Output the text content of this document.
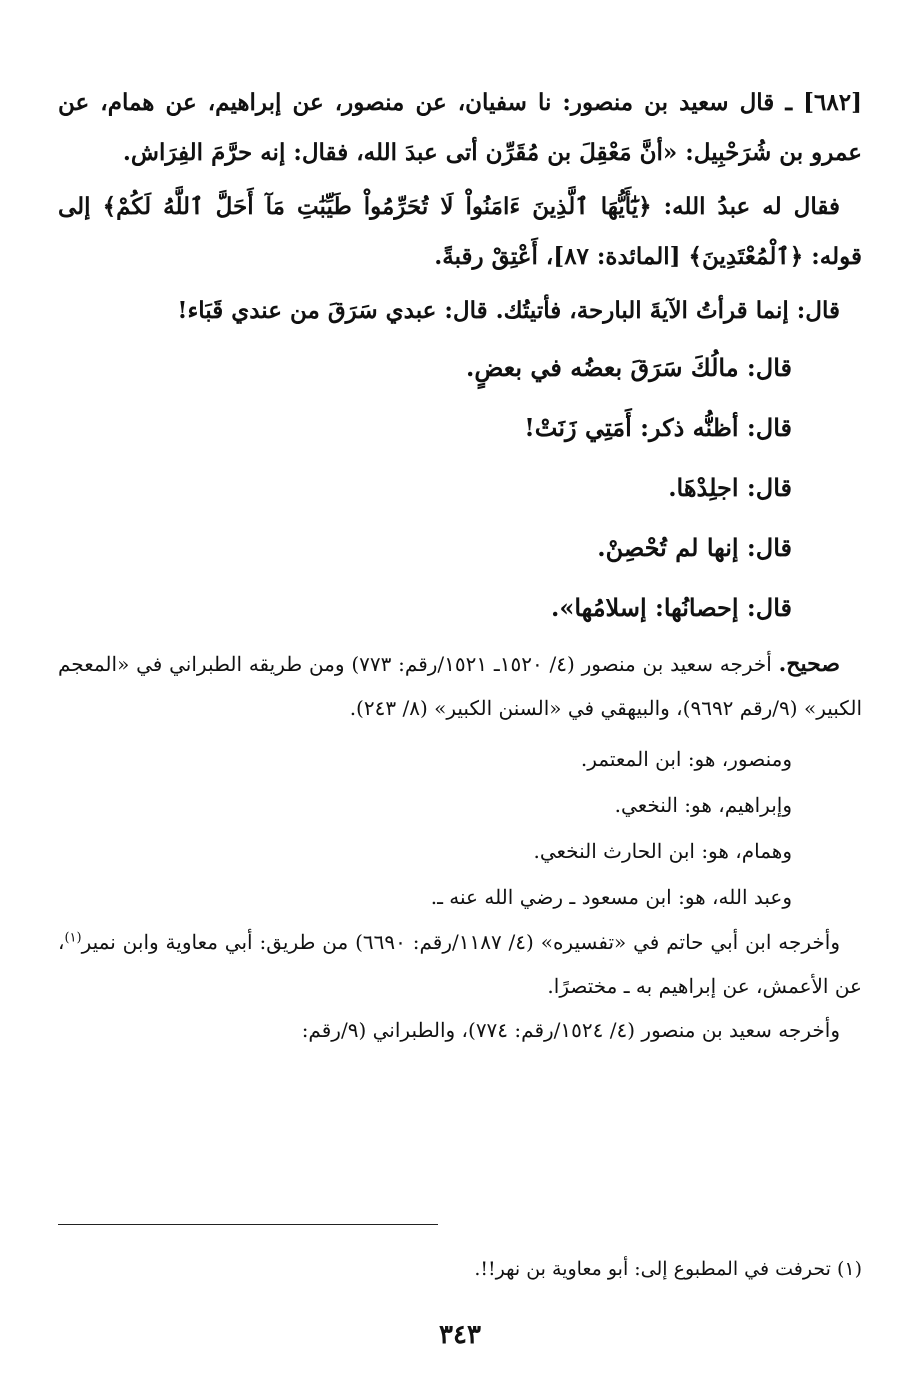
[٦٨٢] ـ قال سعيد بن منصور: نا سفيان، عن منصور، عن إبراهيم، عن همام، عن عمرو بن شُرَحْبِيل: «أنَّ مَعْقِلَ بن مُقَرِّن أتى عبدَ الله، فقال: إنه حرَّمَ الفِرَاش.

فقال له عبدُ الله: ﴿يَٰٓأَيُّهَا ٱلَّذِينَ ءَامَنُواْ لَا تُحَرِّمُواْ طَيِّبَٰتِ مَآ أَحَلَّ ٱللَّهُ لَكُمْ﴾ إلى قوله: ﴿ٱلْمُعْتَدِينَ﴾ [المائدة: ٨٧]، أَعْتِقْ رقبةً.

قال: إنما قرأتُ الآيةَ البارحة، فأتيتُك. قال: عبدي سَرَقَ من عندي قَبَاء!

قال: مالُكَ سَرَقَ بعضُه في بعضٍ.
قال: أظنُّه ذكر: أَمَتِي زَنَتْ!
قال: اجلِدْهَا.
قال: إنها لم تُحْصِنْ.
قال: إحصانُها: إسلامُها».

صحيح. أخرجه سعيد بن منصور (٤/ ١٥٢٠ـ ١٥٢١/رقم: ٧٧٣) ومن طريقه الطبراني في «المعجم الكبير» (٩/رقم ٩٦٩٢)، والبيهقي في «السنن الكبير» (٨/ ٢٤٣).

ومنصور، هو: ابن المعتمر.
وإبراهيم، هو: النخعي.
وهمام، هو: ابن الحارث النخعي.
وعبد الله، هو: ابن مسعود ـ رضي الله عنه ـ.

وأخرجه ابن أبي حاتم في «تفسيره» (٤/ ١١٨٧/رقم: ٦٦٩٠) من طريق: أبي معاوية وابن نمير$^{(١)}$، عن الأعمش، عن إبراهيم به ـ مختصرًا.

وأخرجه سعيد بن منصور (٤/ ١٥٢٤/رقم: ٧٧٤)، والطبراني (٩/رقم:

(١) تحرفت في المطبوع إلى: أبو معاوية بن نهر!!.
٣٤٣
